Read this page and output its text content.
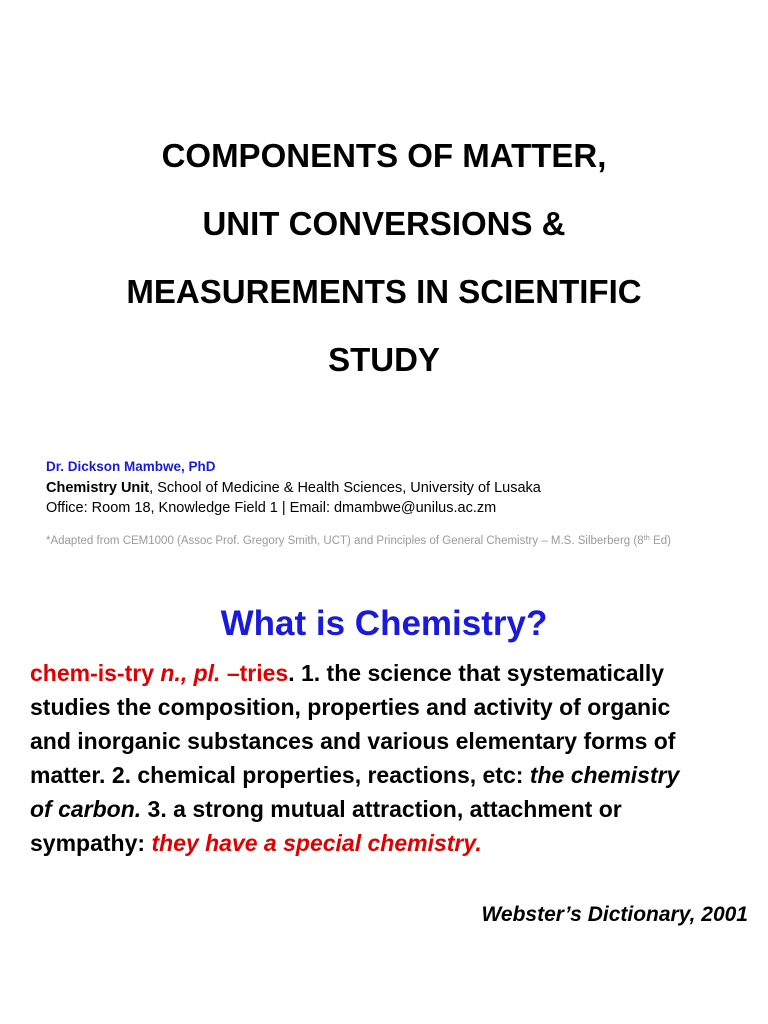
COMPONENTS OF MATTER,
UNIT CONVERSIONS &
MEASUREMENTS IN SCIENTIFIC
STUDY
Dr. Dickson Mambwe, PhD
Chemistry Unit, School of Medicine & Health Sciences, University of Lusaka
Office: Room 18, Knowledge Field 1 | Email: dmambwe@unilus.ac.zm
*Adapted from CEM1000 (Assoc Prof. Gregory Smith, UCT) and Principles of General Chemistry – M.S. Silberberg (8th Ed)
What is Chemistry?
chem-is-try n., pl. –tries. 1. the science that systematically
studies the composition, properties and activity of organic
and inorganic substances and various elementary forms of
matter. 2. chemical properties, reactions, etc: the chemistry
of carbon. 3. a strong mutual attraction, attachment or
sympathy: they have a special chemistry.
Webster’s Dictionary, 2001
